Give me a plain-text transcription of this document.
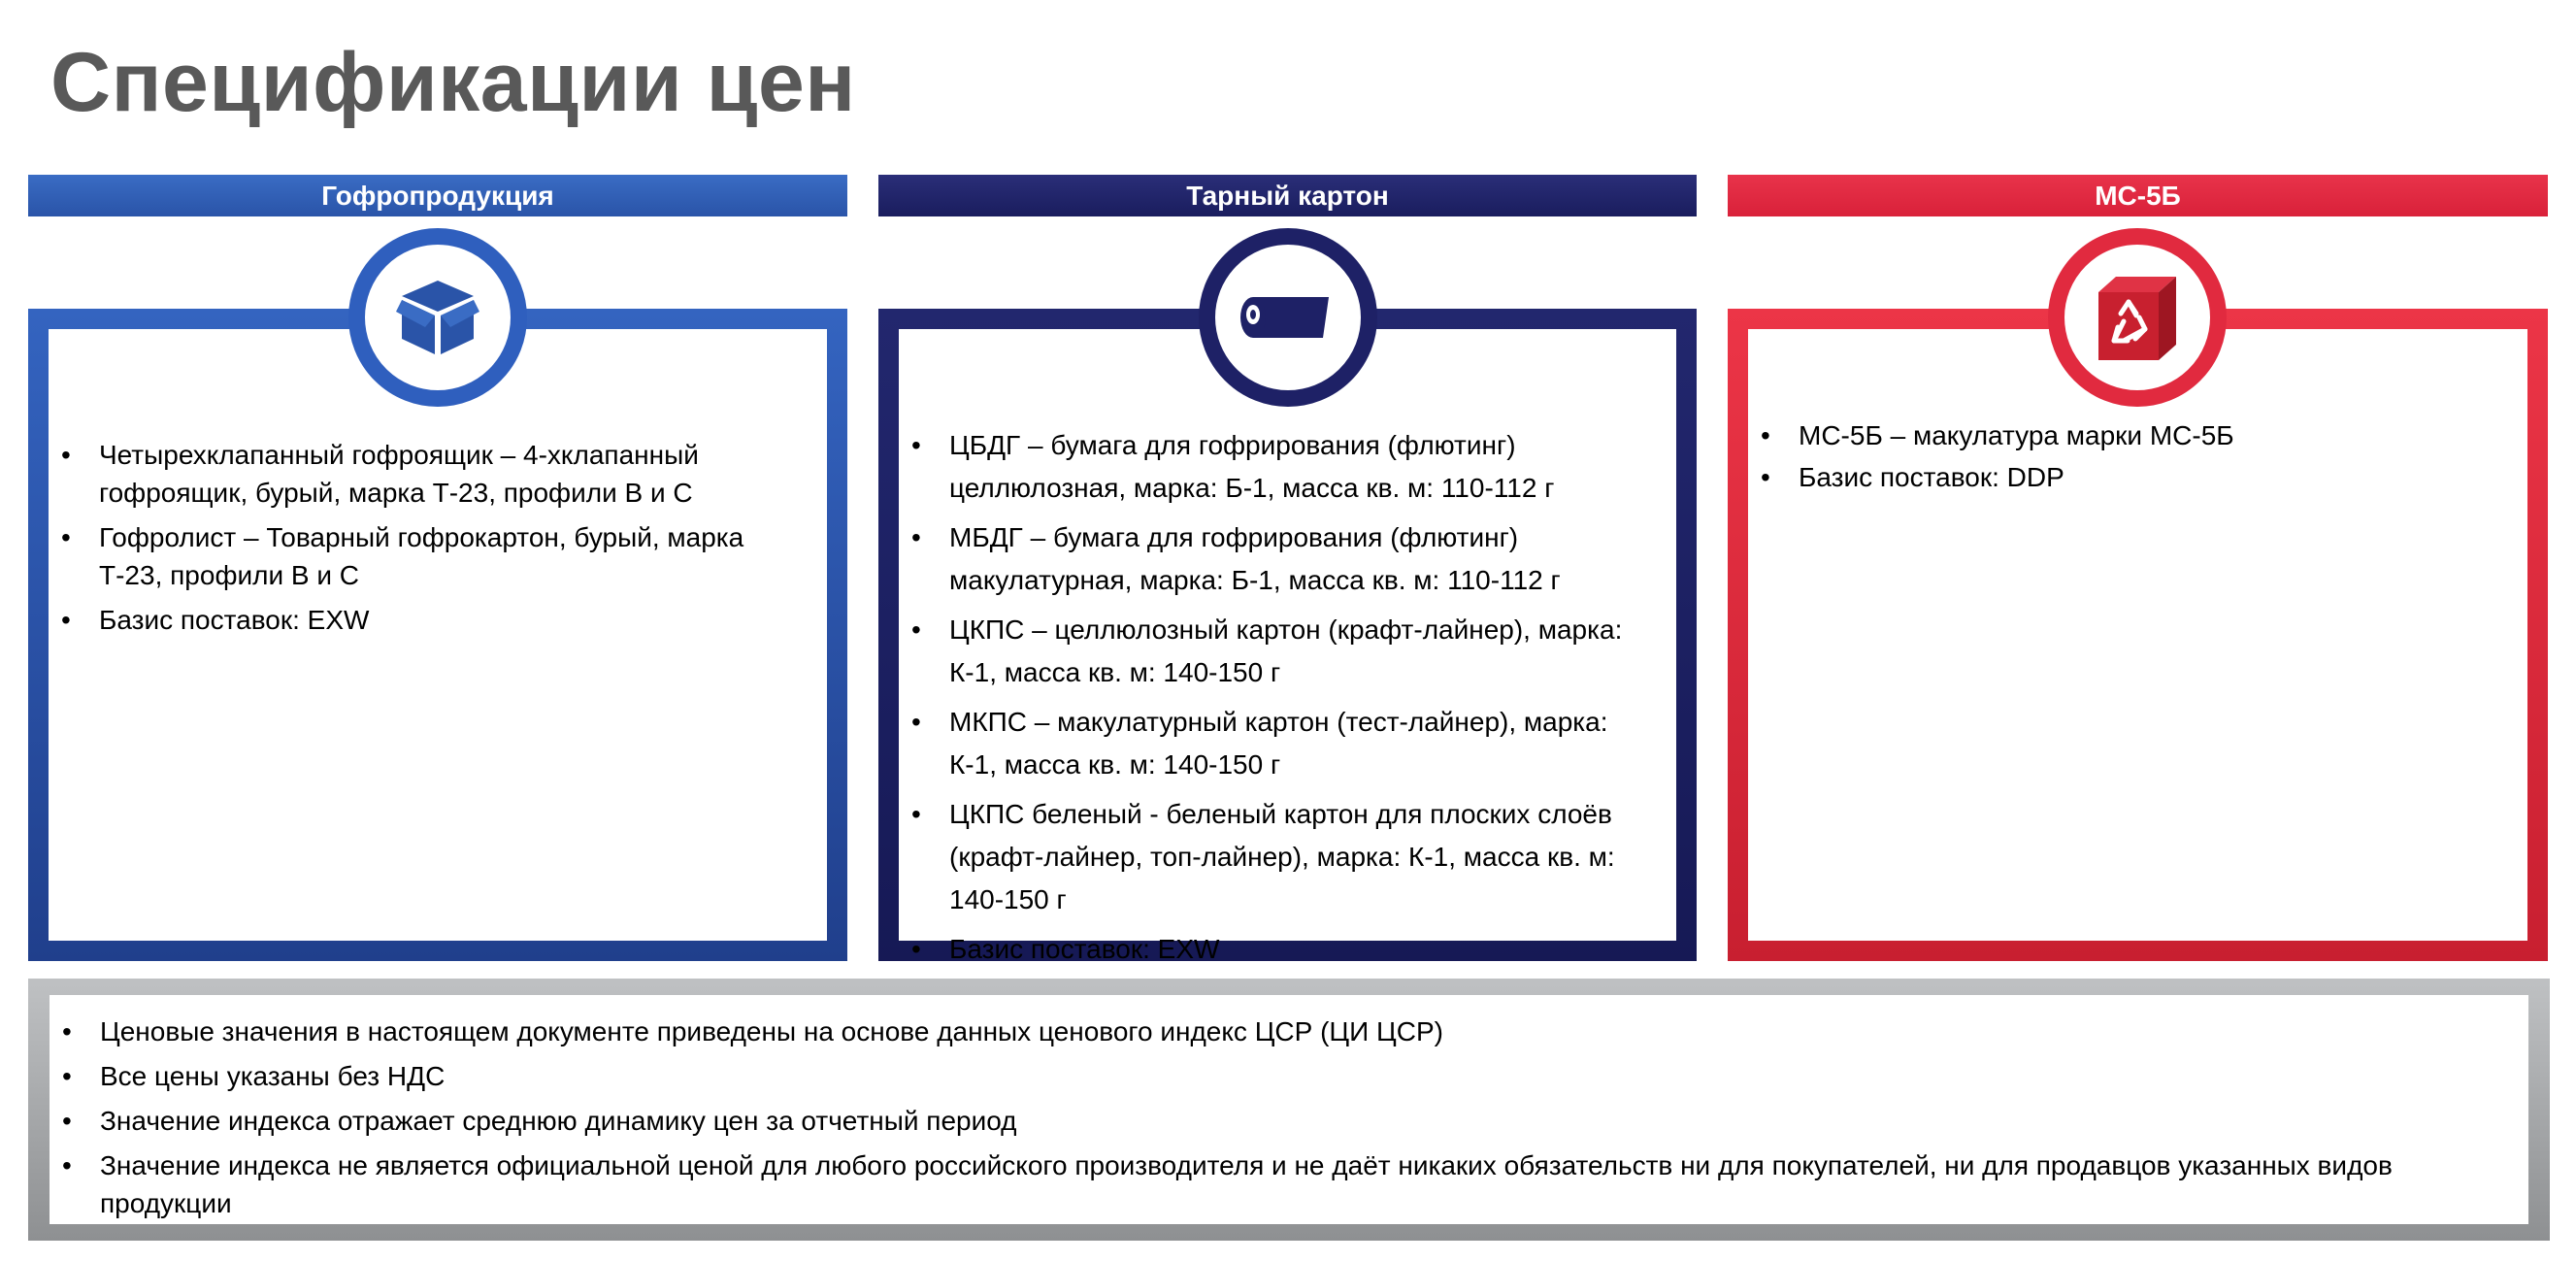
Спецификации цен
Гофропродукция
• Четырехклапанный гофроящик – 4-хклапанный гофроящик, бурый, марка Т-23, профили В и С
• Гофролист – Товарный гофрокартон, бурый, марка Т-23, профили В и С
• Базис поставок: EXW
Тарный картон
• ЦБДГ – бумага для гофрирования (флютинг) целлюлозная, марка: Б-1, масса кв. м: 110-112 г
• МБДГ – бумага для гофрирования (флютинг) макулатурная, марка: Б-1, масса кв. м: 110-112 г
• ЦКПС – целлюлозный картон (крафт-лайнер), марка: К-1, масса кв. м: 140-150 г
• МКПС – макулатурный картон (тест-лайнер), марка: К-1, масса кв. м: 140-150 г
• ЦКПС беленый - беленый картон для плоских слоёв (крафт-лайнер, топ-лайнер), марка: К-1, масса кв. м: 140-150 г
• Базис поставок: EXW
МС-5Б
• МС-5Б – макулатура марки МС-5Б
• Базис поставок: DDP
• Ценовые значения в настоящем документе приведены на основе данных ценового индекс ЦСР (ЦИ ЦСР)
• Все цены указаны без НДС
• Значение индекса отражает среднюю динамику цен за отчетный период
• Значение индекса не является официальной ценой для любого российского производителя и не даёт никаких обязательств ни для покупателей, ни для продавцов указанных видов продукции
